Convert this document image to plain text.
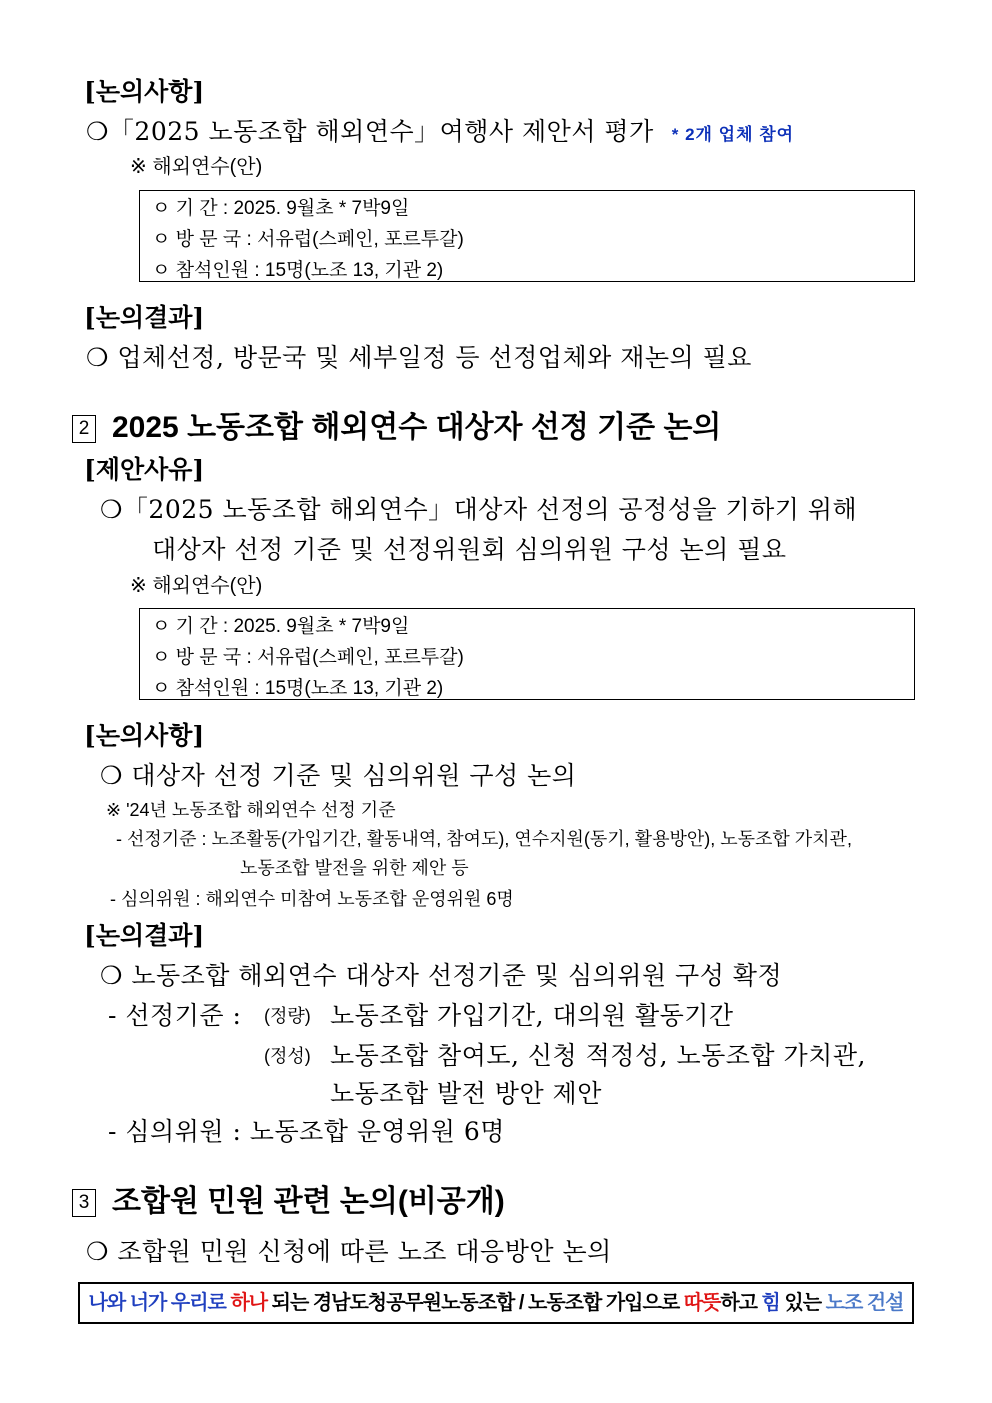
[논의사항]
❍「2025 노동조합 해외연수」여행사 제안서 평가 * 2개 업체 참여
※ 해외연수(안)
ㅇ 기 간 : 2025. 9월초 * 7박9일
ㅇ 방 문 국 : 서유럽(스페인, 포르투갈)
ㅇ 참석인원 : 15명(노조 13, 기관 2)
[논의결과]
❍ 업체선정, 방문국 및 세부일정 등 선정업체와 재논의 필요
2 2025 노동조합 해외연수 대상자 선정 기준 논의
[제안사유]
❍「2025 노동조합 해외연수」대상자 선정의 공정성을 기하기 위해
대상자 선정 기준 및 선정위원회 심의위원 구성 논의 필요
※ 해외연수(안)
ㅇ 기 간 : 2025. 9월초 * 7박9일
ㅇ 방 문 국 : 서유럽(스페인, 포르투갈)
ㅇ 참석인원 : 15명(노조 13, 기관 2)
[논의사항]
❍ 대상자 선정 기준 및 심의위원 구성 논의
※ '24년 노동조합 해외연수 선정 기준
- 선정기준 : 노조활동(가입기간, 활동내역, 참여도), 연수지원(동기, 활용방안), 노동조합 가치관,
노동조합 발전을 위한 제안 등
- 심의위원 : 해외연수 미참여 노동조합 운영위원 6명
[논의결과]
❍ 노동조합 해외연수 대상자 선정기준 및 심의위원 구성 확정
- 선정기준 : (정량) 노동조합 가입기간, 대의원 활동기간
(정성) 노동조합 참여도, 신청 적정성, 노동조합 가치관,
노동조합 발전 방안 제안
- 심의위원 : 노동조합 운영위원 6명
3 조합원 민원 관련 논의(비공개)
❍ 조합원 민원 신청에 따른 노조 대응방안 논의
나와 너가 우리로 하나 되는 경남도청공무원노동조합 / 노동조합 가입으로 따뜻하고 힘 있는 노조 건설
